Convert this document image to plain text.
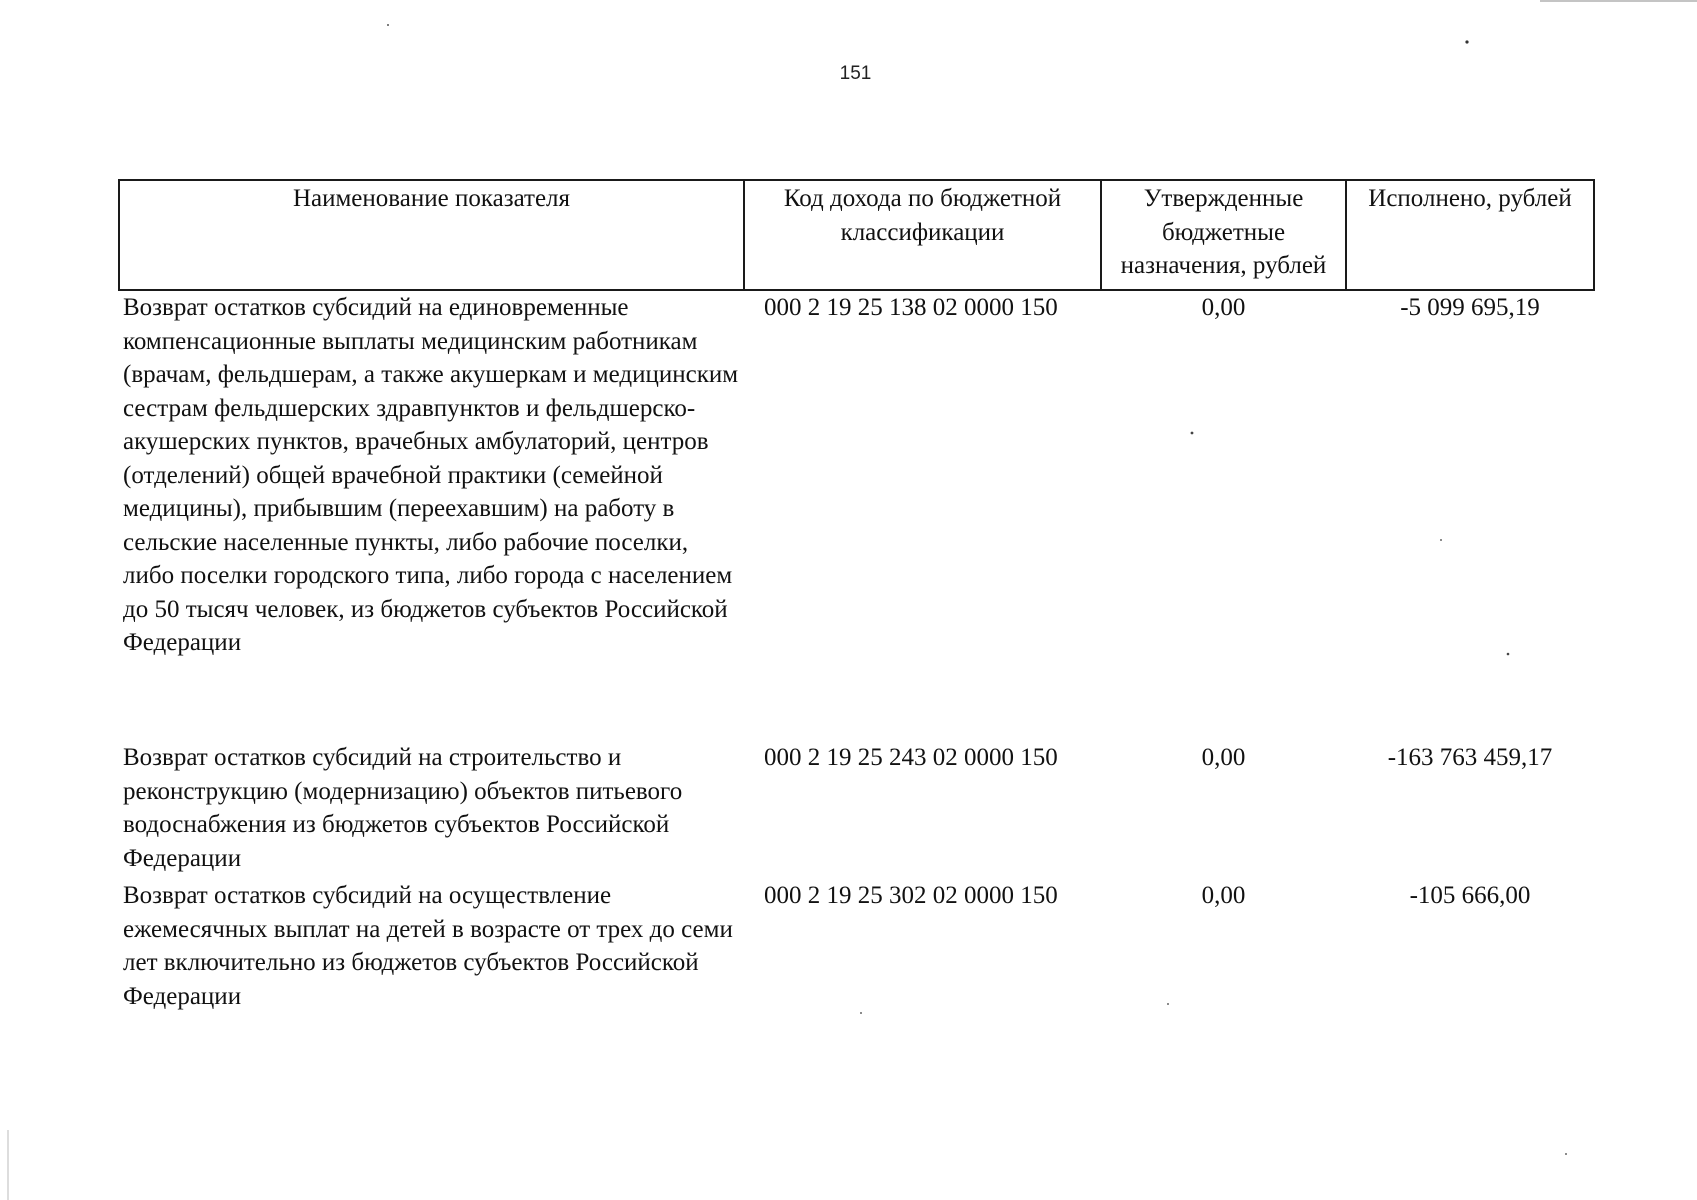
151
Наименование показателя	Код дохода по бюджетной классификации	Утвержденные бюджетные назначения, рублей	Исполнено, рублей
Возврат остатков субсидий на единовременные компенсационные выплаты медицинским работникам (врачам, фельдшерам, а также акушеркам и медицинским сестрам фельдшерских здравпунктов и фельдшерско-акушерских пунктов, врачебных амбулаторий, центров (отделений) общей врачебной практики (семейной медицины), прибывшим (переехавшим) на работу в сельские населенные пункты, либо рабочие поселки, либо поселки городского типа, либо города с населением до 50 тысяч человек, из бюджетов субъектов Российской Федерации	000 2 19 25 138 02 0000 150	0,00	-5 099 695,19
Возврат остатков субсидий на строительство и реконструкцию (модернизацию) объектов питьевого водоснабжения из бюджетов субъектов Российской Федерации	000 2 19 25 243 02 0000 150	0,00	-163 763 459,17
Возврат остатков субсидий на осуществление ежемесячных выплат на детей в возрасте от трех до семи лет включительно из бюджетов субъектов Российской Федерации	000 2 19 25 302 02 0000 150	0,00	-105 666,00
